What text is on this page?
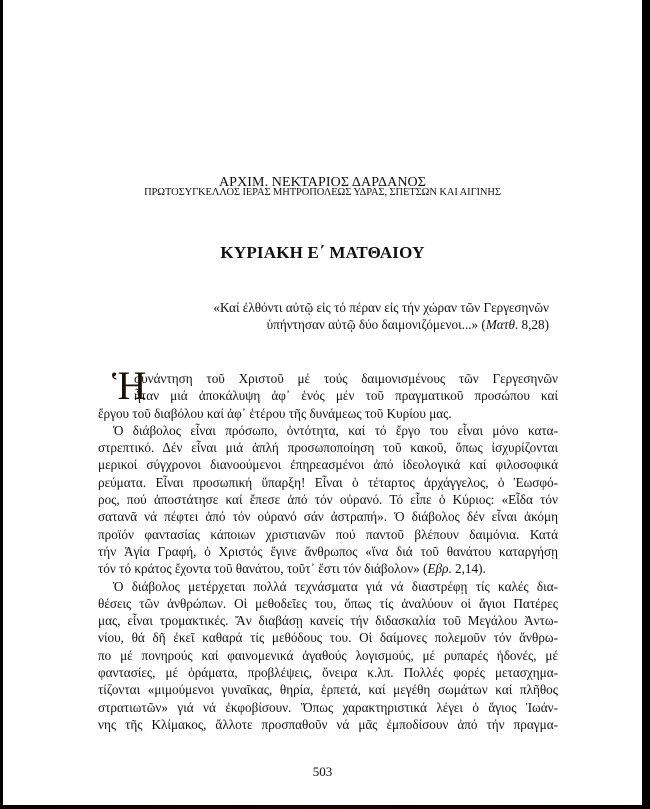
ΑΡΧΙΜ. ΝΕΚΤΑΡΙΟΣ ΔΑΡΔΑΝΟΣ
ΠΡΩΤΟΣΥΓΚΕΛΛΟΣ ΙΕΡΑΣ ΜΗΤΡΟΠΟΛΕΩΣ ΥΔΡΑΣ, ΣΠΕΤΣΩΝ ΚΑΙ ΑΙΓΙΝΗΣ
ΚΥΡΙΑΚΗ Ε΄ ΜΑΤΘΑΙΟΥ
«Καί ἐλθόντι αὐτῷ εἰς τό πέραν εἰς τήν χώραν τῶν Γεργεσηνῶν
ὑπήντησαν αὐτῷ δύο δαιμονιζόμενοι...» (Ματθ. 8,28)
Ἡ
συνάντηση τοῦ Χριστοῦ μέ τούς δαιμονισμένους τῶν Γεργεσηνῶν
ἦταν μιά ἀποκάλυψη ἀφ᾽ ἑνός μέν τοῦ πραγματικοῦ προσώπου καί
ἔργου τοῦ διαβόλου καί ἀφ᾽ ἑτέρου τῆς δυνάμεως τοῦ Κυρίου μας.
Ὁ διάβολος εἶναι πρόσωπο, ὀντότητα, καί τό ἔργο του εἶναι μόνο κατα-
στρεπτικό. Δέν εἶναι μιά ἁπλή προσωποποίηση τοῦ κακοῦ, ὅπως ἰσχυρίζονται
μερικοί σύγχρονοι διανοούμενοι ἐπηρεασμένοι ἀπό ἰδεολογικά καί φιλοσοφικά
ρεύματα. Εἶναι προσωπική ὕπαρξη! Εἶναι ὁ τέταρτος ἀρχάγγελος, ὁ Ἑωσφό-
ρος, πού ἀποστάτησε καί ἔπεσε ἀπό τόν οὐρανό. Τό εἶπε ὁ Κύριος: «Εἶδα τόν
σατανᾶ νά πέφτει ἀπό τόν οὐρανό σάν ἀστραπή». Ὁ διάβολος δέν εἶναι ἀκόμη
προϊόν φαντασίας κάποιων χριστιανῶν πού παντοῦ βλέπουν δαιμόνια. Κατά
τήν Ἁγία Γραφή, ὁ Χριστός ἔγινε ἄνθρωπος «ἵνα διά τοῦ θανάτου καταργήσῃ
τόν τό κράτος ἔχοντα τοῦ θανάτου, τοῦτ᾽ ἔστι τόν διάβολον» (Εβρ. 2,14).
Ὁ διάβολος μετέρχεται πολλά τεχνάσματα γιά νά διαστρέφῃ τίς καλές δια-
θέσεις τῶν ἀνθρώπων. Οἱ μεθοδεῖες του, ὅπως τίς ἀναλύουν οἱ ἅγιοι Πατέρες
μας, εἶναι τρομακτικές. Ἄν διαβάσῃ κανείς τήν διδασκαλία τοῦ Μεγάλου Ἀντω-
νίου, θά δῆ ἐκεῖ καθαρά τίς μεθόδους του. Οἱ δαίμονες πολεμοῦν τόν ἄνθρω-
πο μέ πονηρούς καί φαινομενικά ἀγαθούς λογισμούς, μέ ρυπαρές ἡδονές, μέ
φαντασίες, μέ ὁράματα, προβλέψεις, ὄνειρα κ.λπ. Πολλές φορές μετασχημα-
τίζονται «μιμούμενοι γυναῖκας, θηρία, ἑρπετά, καί μεγέθη σωμάτων καί πλῆθος
στρατιωτῶν» γιά νά ἐκφοβίσουν. Ὅπως χαρακτηριστικά λέγει ὁ ἅγιος Ἰωάν-
νης τῆς Κλίμακος, ἄλλοτε προσπαθοῦν νά μᾶς ἐμποδίσουν ἀπό τήν πραγμα-
503
